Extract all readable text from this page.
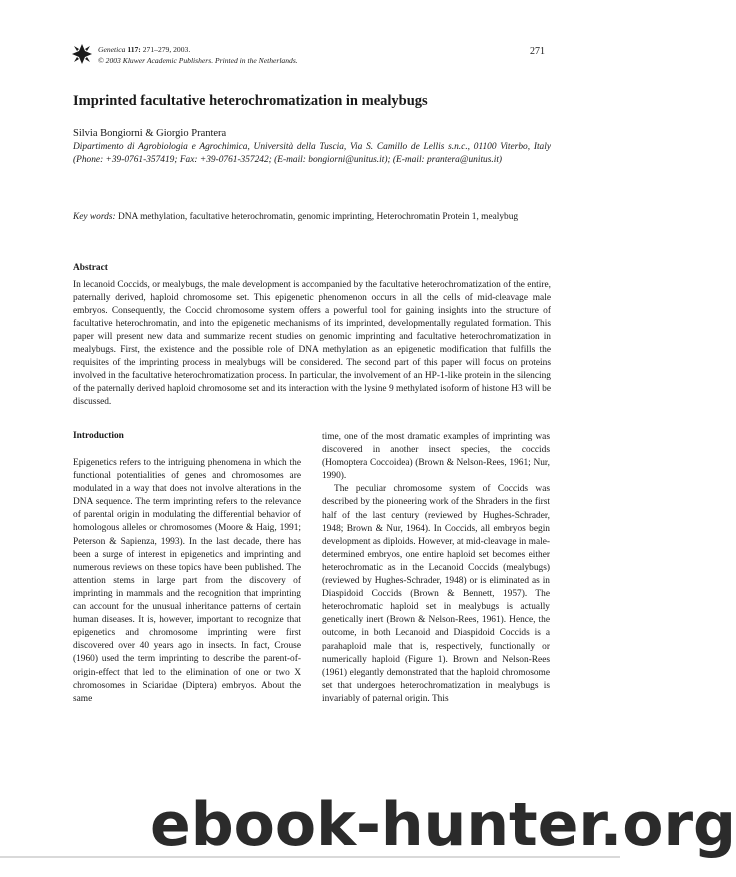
Genetica 117: 271–279, 2003.
© 2003 Kluwer Academic Publishers. Printed in the Netherlands.
271
Imprinted facultative heterochromatization in mealybugs
Silvia Bongiorni & Giorgio Prantera
Dipartimento di Agrobiologia e Agrochimica, Università della Tuscia, Via S. Camillo de Lellis s.n.c., 01100 Viterbo, Italy (Phone: +39-0761-357419; Fax: +39-0761-357242; (E-mail: bongiorni@unitus.it); (E-mail: prantera@unitus.it)
Key words: DNA methylation, facultative heterochromatin, genomic imprinting, Heterochromatin Protein 1, mealybug
Abstract

In lecanoid Coccids, or mealybugs, the male development is accompanied by the facultative heterochromatization of the entire, paternally derived, haploid chromosome set. This epigenetic phenomenon occurs in all the cells of mid-cleavage male embryos. Consequently, the Coccid chromosome system offers a powerful tool for gaining insights into the structure of facultative heterochromatin, and into the epigenetic mechanisms of its imprinted, developmentally regulated formation. This paper will present new data and summarize recent studies on genomic imprinting and facultative heterochromatization in mealybugs. First, the existence and the possible role of DNA methylation as an epigenetic modification that fulfills the requisites of the imprinting process in mealybugs will be considered. The second part of this paper will focus on proteins involved in the facultative heterochromatization process. In particular, the involvement of an HP-1-like protein in the silencing of the paternally derived haploid chromosome set and its interaction with the lysine 9 methylated isoform of histone H3 will be discussed.

Introduction

Epigenetics refers to the intriguing phenomena in which the functional potentialities of genes and chromosomes are modulated in a way that does not involve alterations in the DNA sequence. The term imprinting refers to the relevance of parental origin in modulating the differential behavior of homologous alleles or chromosomes (Moore & Haig, 1991; Peterson & Sapienza, 1993). In the last decade, there has been a surge of interest in epigenetics and imprinting and numerous reviews on these topics have been published. The attention stems in large part from the discovery of imprinting in mammals and the recognition that imprinting can account for the unusual inheritance patterns of certain human diseases. It is, however, important to recognize that epigenetics and chromosome imprinting were first discovered over 40 years ago in insects. In fact, Crouse (1960) used the term imprinting to describe the parent-of-origin-effect that led to the elimination of one or two X chromosomes in Sciaridae (Diptera) embryos. About the same

time, one of the most dramatic examples of imprinting was discovered in another insect species, the coccids (Homoptera Coccoidea) (Brown & Nelson-Rees, 1961; Nur, 1990).

The peculiar chromosome system of Coccids was described by the pioneering work of the Shraders in the first half of the last century (reviewed by Hughes-Schrader, 1948; Brown & Nur, 1964). In Coccids, all embryos begin development as diploids. However, at mid-cleavage in male-determined embryos, one entire haploid set becomes either heterochromatic as in the Lecanoid Coccids (mealybugs) (reviewed by Hughes-Schrader, 1948) or is eliminated as in Diaspidoid Coccids (Brown & Bennett, 1957). The heterochromatic haploid set in mealybugs is actually genetically inert (Brown & Nelson-Rees, 1961). Hence, the outcome, in both Lecanoid and Diaspidoid Coccids is a parahaploid male that is, respectively, functionally or numerically haploid (Figure 1). Brown and Nelson-Rees (1961) elegantly demonstrated that the haploid chromosome set that undergoes heterochromatization in mealybugs is invariably of paternal origin. This

ebook-hunter.org
